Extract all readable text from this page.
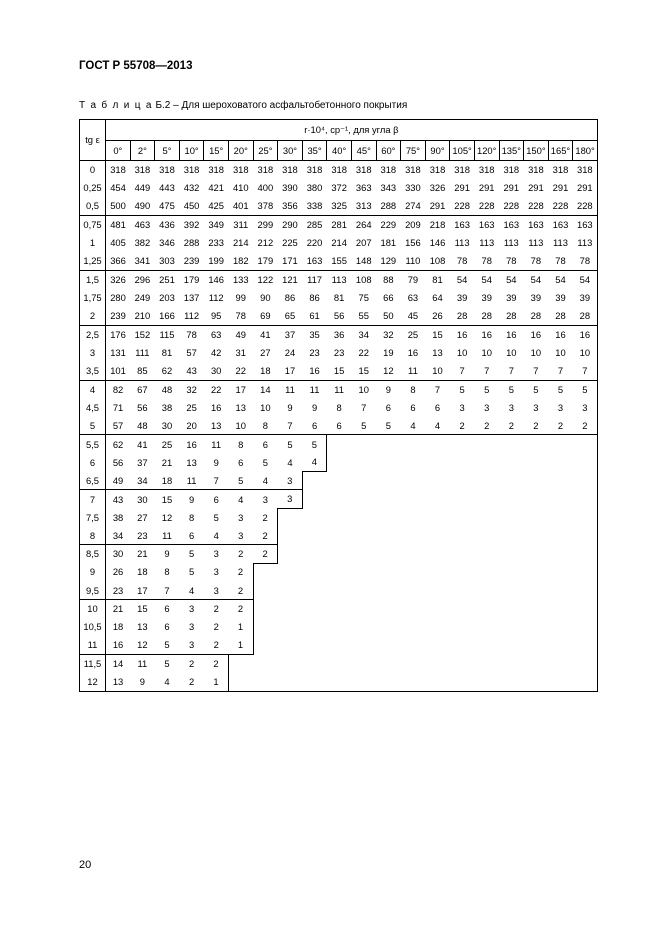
ГОСТ Р 55708—2013
Т а б л и ц а Б.2 – Для шероховатого асфальтобетонного покрытия
tg ε	r·10⁴, ср⁻¹, для угла β																			
	0°	2°	5°	10°	15°	20°	25°	30°	35°	40°	45°	60°	75°	90°	105°	120°	135°	150°	165°	180°
0	318	318	318	318	318	318	318	318	318	318	318	318	318	318	318	318	318	318	318	318
0,25	454	449	443	432	421	410	400	390	380	372	363	343	330	326	291	291	291	291	291	291
0,5	500	490	475	450	425	401	378	356	338	325	313	288	274	291	228	228	228	228	228	228
0,75	481	463	436	392	349	311	299	290	285	281	264	229	209	218	163	163	163	163	163	163
1	405	382	346	288	233	214	212	225	220	214	207	181	156	146	113	113	113	113	113	113
1,25	366	341	303	239	199	182	179	171	163	155	148	129	110	108	78	78	78	78	78	78
1,5	326	296	251	179	146	133	122	121	117	113	108	88	79	81	54	54	54	54	54	54
1,75	280	249	203	137	112	99	90	86	86	81	75	66	63	64	39	39	39	39	39	39
2	239	210	166	112	95	78	69	65	61	56	55	50	45	26	28	28	28	28	28	28
2,5	176	152	115	78	63	49	41	37	35	36	34	32	25	15	16	16	16	16	16	16
3	131	111	81	57	42	31	27	24	23	23	22	19	16	13	10	10	10	10	10	10
3,5	101	85	62	43	30	22	18	17	16	15	15	12	11	10	7	7	7	7	7	7
4	82	67	48	32	22	17	14	11	11	11	10	9	8	7	5	5	5	5	5	5
4,5	71	56	38	25	16	13	10	9	9	8	7	6	6	6	3	3	3	3	3	3
5	57	48	30	20	13	10	8	7	6	6	5	5	4	4	2	2	2	2	2	2
5,5	62	41	25	16	11	8	6	5	5											
6	56	37	21	13	9	6	5	4	4											
6,5	49	34	18	11	7	5	4	3												
7	43	30	15	9	6	4	3	3												
7,5	38	27	12	8	5	3	2													
8	34	23	11	6	4	3	2													
8,5	30	21	9	5	3	2	2													
9	26	18	8	5	3	2														
9,5	23	17	7	4	3	2														
10	21	15	6	3	2	2														
10,5	18	13	6	3	2	1														
11	16	12	5	3	2	1														
11,5	14	11	5	2	2															
12	13	9	4	2	1															
20
